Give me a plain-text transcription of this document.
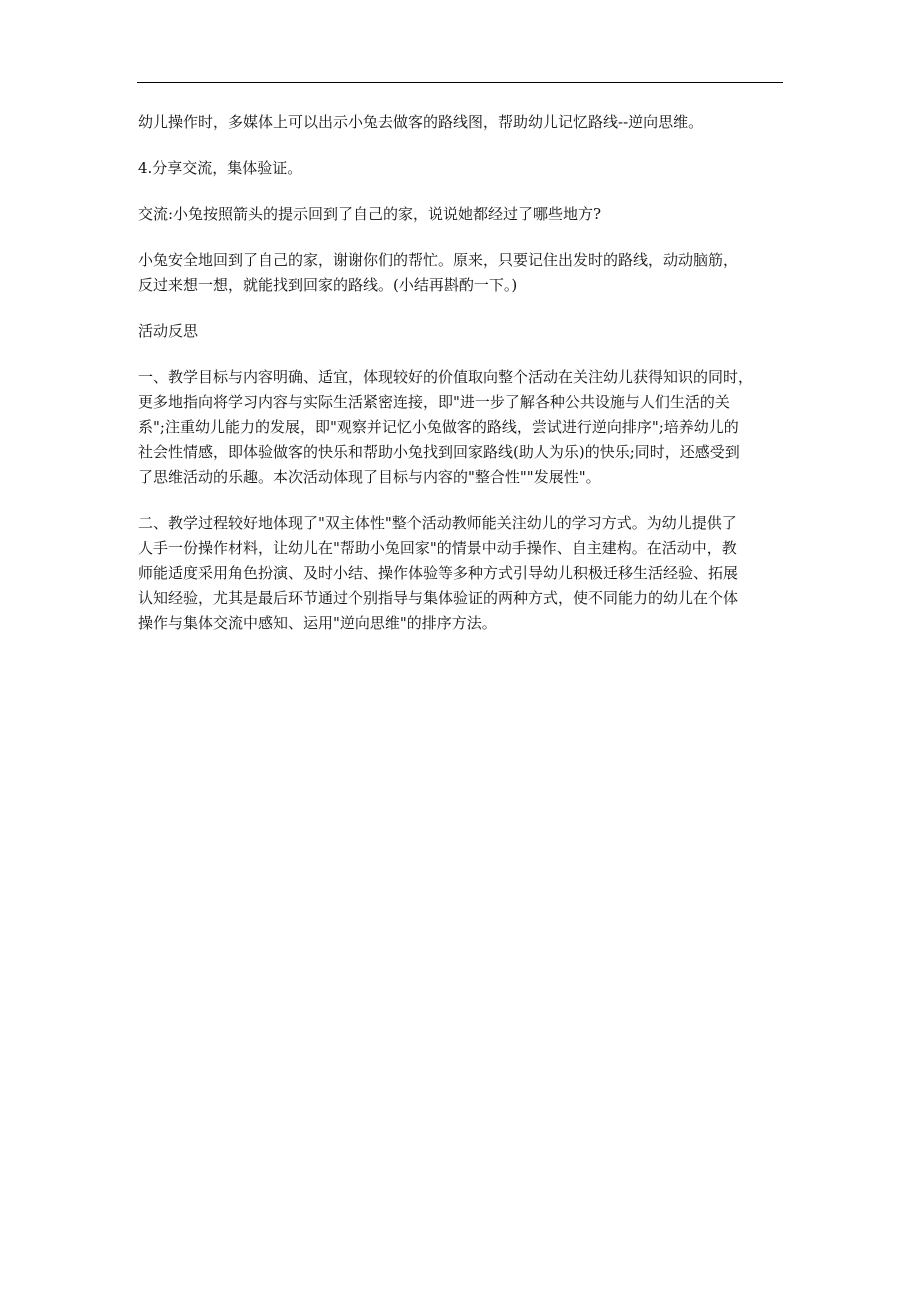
幼儿操作时，多媒体上可以出示小兔去做客的路线图，帮助幼儿记忆路线--逆向思维。

4.分享交流，集体验证。

交流:小兔按照箭头的提示回到了自己的家，说说她都经过了哪些地方?

小兔安全地回到了自己的家，谢谢你们的帮忙。原来，只要记住出发时的路线，动动脑筋，
反过来想一想，就能找到回家的路线。(小结再斟酌一下。)

活动反思

一、教学目标与内容明确、适宜，体现较好的价值取向整个活动在关注幼儿获得知识的同时，
更多地指向将学习内容与实际生活紧密连接，即"进一步了解各种公共设施与人们生活的关
系";注重幼儿能力的发展，即"观察并记忆小兔做客的路线，尝试进行逆向排序";培养幼儿的
社会性情感，即体验做客的快乐和帮助小兔找到回家路线(助人为乐)的快乐;同时，还感受到
了思维活动的乐趣。本次活动体现了目标与内容的"整合性""发展性"。

二、教学过程较好地体现了"双主体性"整个活动教师能关注幼儿的学习方式。为幼儿提供了
人手一份操作材料，让幼儿在"帮助小兔回家"的情景中动手操作、自主建构。在活动中，教
师能适度采用角色扮演、及时小结、操作体验等多种方式引导幼儿积极迁移生活经验、拓展
认知经验，尤其是最后环节通过个别指导与集体验证的两种方式，使不同能力的幼儿在个体
操作与集体交流中感知、运用"逆向思维"的排序方法。
